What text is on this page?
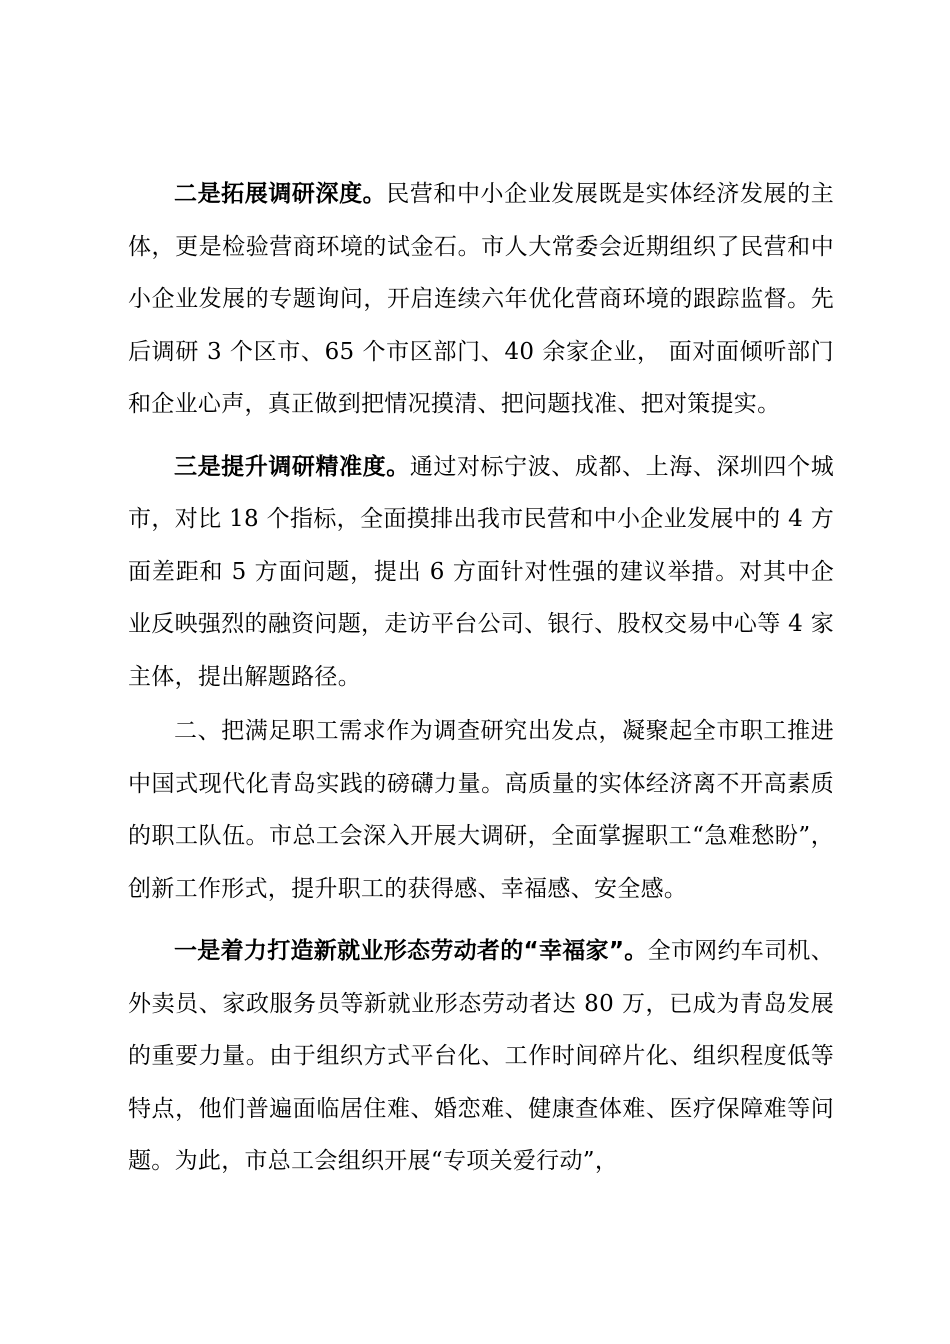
二是拓展调研深度。民营和中小企业发展既是实体经济发展的主体，更是检验营商环境的试金石。市人大常委会近期组织了民营和中小企业发展的专题询问，开启连续六年优化营商环境的跟踪监督。先后调研 3 个区市、65 个市区部门、40 余家企业， 面对面倾听部门和企业心声，真正做到把情况摸清、把问题找准、把对策提实。

三是提升调研精准度。通过对标宁波、成都、上海、深圳四个城市，对比 18 个指标，全面摸排出我市民营和中小企业发展中的 4 方面差距和 5 方面问题，提出 6 方面针对性强的建议举措。对其中企业反映强烈的融资问题，走访平台公司、银行、股权交易中心等 4 家主体，提出解题路径。

二、把满足职工需求作为调查研究出发点，凝聚起全市职工推进中国式现代化青岛实践的磅礴力量。高质量的实体经济离不开高素质的职工队伍。市总工会深入开展大调研，全面掌握职工“急难愁盼”，创新工作形式，提升职工的获得感、幸福感、安全感。

一是着力打造新就业形态劳动者的“幸福家”。全市网约车司机、外卖员、家政服务员等新就业形态劳动者达 80 万，已成为青岛发展的重要力量。由于组织方式平台化、工作时间碎片化、组织程度低等特点，他们普遍面临居住难、婚恋难、健康查体难、医疗保障难等问题。为此，市总工会组织开展“专项关爱行动”，
